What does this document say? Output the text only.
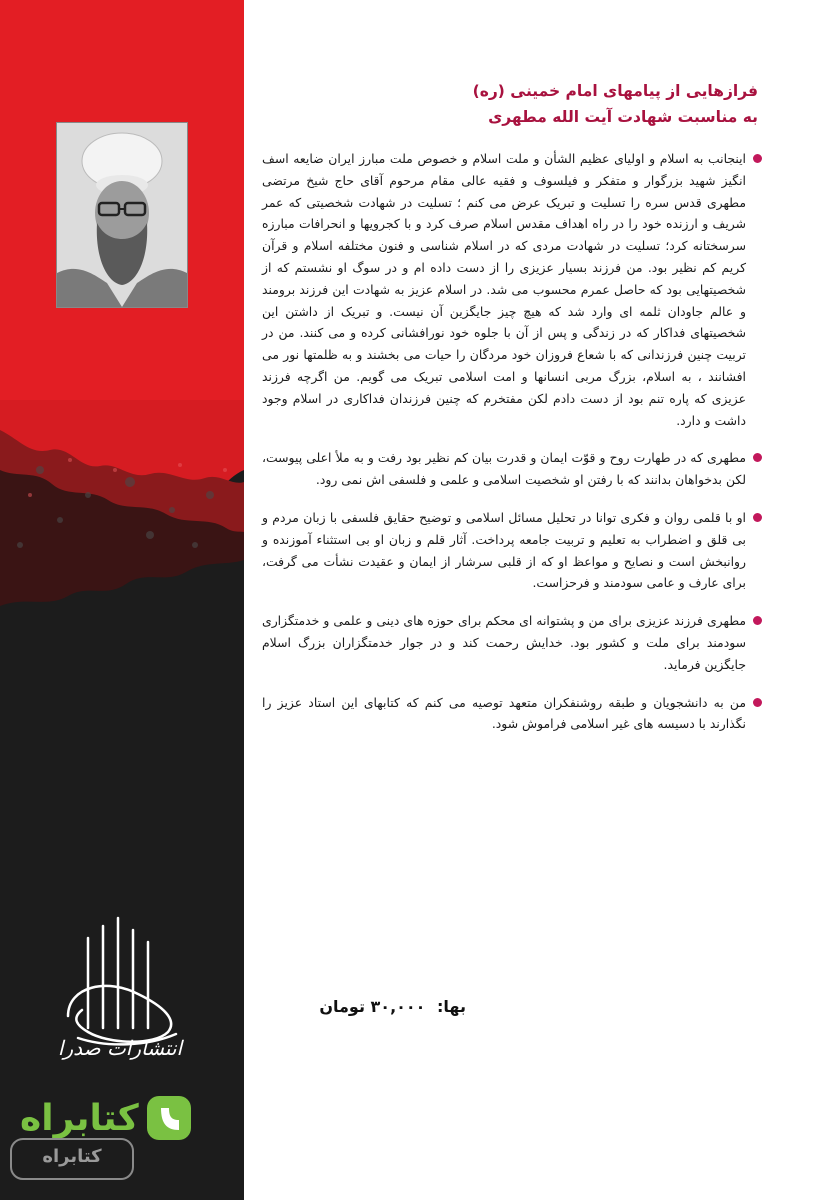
فرازهایی از پیامهای امام خمینی (ره)

به مناسبت شهادت آیت الله مطهری

اینجانب به اسلام و اولیای عظیم الشأن و ملت اسلام و خصوص ملت مبارز ایران ضایعه اسف انگیز شهید بزرگوار و متفکر و فیلسوف و فقیه عالی مقام مرحوم آقای حاج شیخ مرتضی مطهری قدس سره را تسلیت و تبریک عرض می کنم ؛ تسلیت در شهادت شخصیتی که عمر شریف و ارزنده خود را در راه اهداف مقدس اسلام صرف کرد و با کجرویها و انحرافات مبارزه سرسختانه کرد؛ تسلیت در شهادت مردی که در اسلام شناسی و فنون مختلفه اسلام و قرآن کریم کم نظیر بود. من فرزند بسیار عزیزی را از دست داده ام و در سوگ او نشستم که از شخصیتهایی بود که حاصل عمرم محسوب می شد. در اسلام عزیز به شهادت این فرزند برومند و عالم جاودان ثلمه ای وارد شد که هیچ چیز جایگزین آن نیست. و تبریک از داشتن این شخصیتهای فداکار که در زندگی و پس از آن با جلوه خود نورافشانی کرده و می کنند. من در تربیت چنین فرزندانی که با شعاع فروزان خود مردگان را حیات می بخشند و به ظلمتها نور می افشانند ، به اسلام، بزرگ مربی انسانها و امت اسلامی تبریک می گویم. من اگرچه فرزند عزیزی که پاره تنم بود از دست دادم لکن مفتخرم که چنین فرزندان فداکاری در اسلام وجود داشت و دارد.

مطهری که در طهارت روح و قوّت ایمان و قدرت بیان کم نظیر بود رفت و به ملأ اعلی پیوست، لکن بدخواهان بدانند که با رفتن او شخصیت اسلامی و علمی و فلسفی اش نمی رود.

او با قلمی روان و فکری توانا در تحلیل مسائل اسلامی و توضیح حقایق فلسفی با زبان مردم و بی قلق و اضطراب به تعلیم و تربیت جامعه پرداخت. آثار قلم و زبان او بی استثناء آموزنده و روانبخش است و نصایح و مواعظ او که از قلبی سرشار از ایمان و عقیدت نشأت می گرفت، برای عارف و عامی سودمند و فرحزاست.

مطهری فرزند عزیزی برای من و پشتوانه ای محکم برای حوزه های دینی و علمی و خدمتگزاری سودمند برای ملت و کشور بود. خدایش رحمت کند و در جوار خدمتگزاران بزرگ اسلام جایگزین فرماید.

من به دانشجویان و طبقه روشنفکران متعهد توصیه می کنم که کتابهای این استاد عزیز را نگذارند با دسیسه های غیر اسلامی فراموش شود.

بها: ۳۰,۰۰۰ تومان
انتشارات صدرا
کتابراه
کتابراه
